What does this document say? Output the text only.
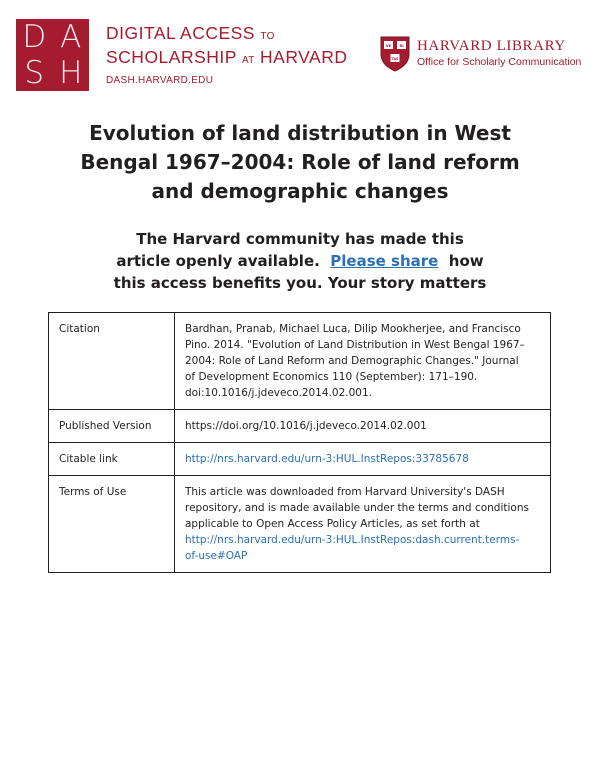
D A
S H
DIGITAL ACCESS TO
SCHOLARSHIP AT HARVARD
DASH.HARVARD.EDU
VE RI
TAS
HARVARD LIBRARY
Office for Scholarly Communication
Evolution of land distribution in West Bengal 1967–2004: Role of land reform and demographic changes
The Harvard community has made this
article openly available. Please share how
this access benefits you. Your story matters
Citation	Bardhan, Pranab, Michael Luca, Dilip Mookherjee, and Francisco Pino. 2014. "Evolution of Land Distribution in West Bengal 1967–2004: Role of Land Reform and Demographic Changes." Journal of Development Economics 110 (September): 171–190. doi:10.1016/j.jdeveco.2014.02.001.
Published Version	https://doi.org/10.1016/j.jdeveco.2014.02.001
Citable link	http://nrs.harvard.edu/urn-3:HUL.InstRepos:33785678
Terms of Use	This article was downloaded from Harvard University's DASH repository, and is made available under the terms and conditions applicable to Open Access Policy Articles, as set forth at http://nrs.harvard.edu/urn-3:HUL.InstRepos:dash.current.terms-of-use#OAP
